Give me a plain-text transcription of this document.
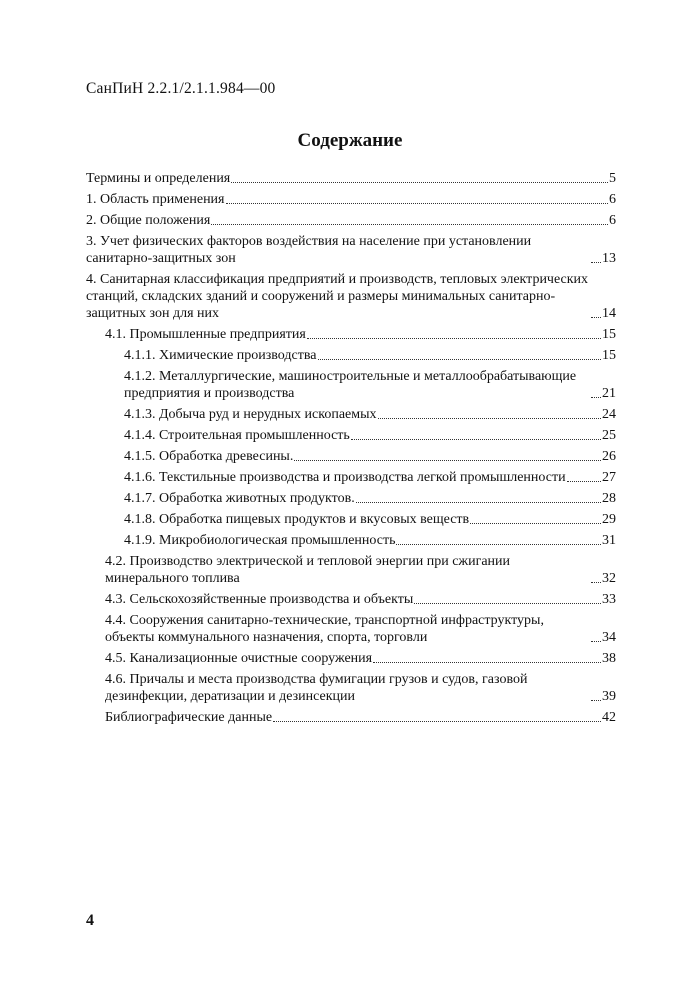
СанПиН 2.2.1/2.1.1.984—00
Содержание
Термины и определения	5
1. Область применения	6
2. Общие положения	6
3. Учет физических факторов воздействия на население при установлении санитарно-защитных зон	13
4. Санитарная классификация предприятий и производств, тепловых электрических станций, складских зданий и сооружений и размеры минимальных санитарно-защитных зон для них	14
4.1. Промышленные предприятия	15
4.1.1. Химические производства	15
4.1.2. Металлургические, машиностроительные и металлообрабатывающие предприятия и производства	21
4.1.3. Добыча руд и нерудных ископаемых	24
4.1.4. Строительная промышленность	25
4.1.5. Обработка древесины.	26
4.1.6. Текстильные производства и производства легкой промышленности	27
4.1.7. Обработка животных продуктов.	28
4.1.8. Обработка пищевых продуктов и вкусовых веществ	29
4.1.9. Микробиологическая промышленность	31
4.2. Производство электрической и тепловой энергии при сжигании минерального топлива	32
4.3. Сельскохозяйственные производства и объекты	33
4.4. Сооружения санитарно-технические, транспортной инфраструктуры, объекты коммунального назначения, спорта, торговли	34
4.5. Канализационные очистные сооружения	38
4.6. Причалы и места производства фумигации грузов и судов, газовой дезинфекции, дератизации и дезинсекции	39
Библиографические данные	42
4
